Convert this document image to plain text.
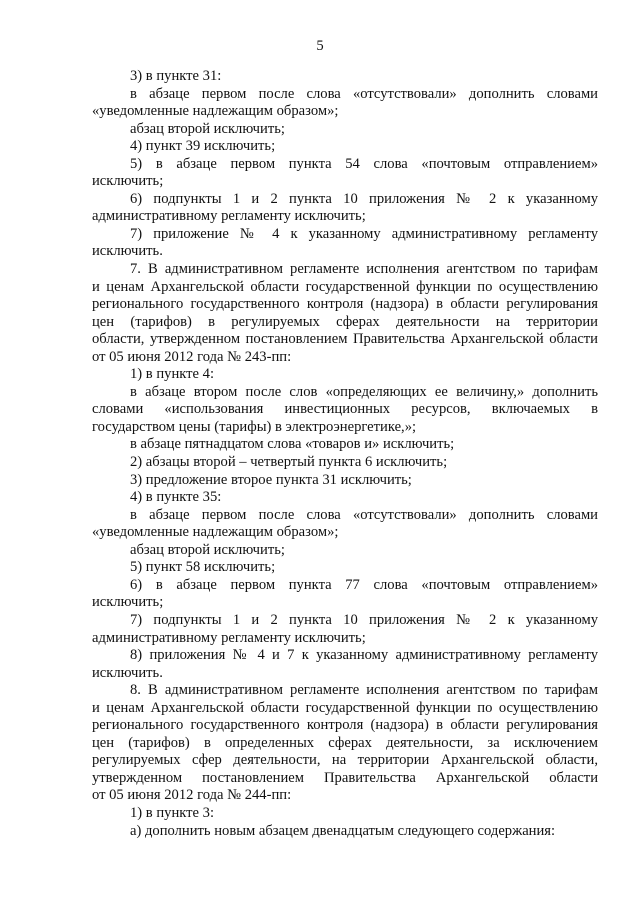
5
3) в пункте 31:
в абзаце первом после слова «отсутствовали» дополнить словами
«уведомленные надлежащим образом»;
абзац второй исключить;
4) пункт 39 исключить;
5) в абзаце первом пункта 54 слова «почтовым отправлением»
исключить;
6) подпункты 1 и 2 пункта 10 приложения № 2 к указанному
административному регламенту исключить;
7) приложение № 4 к указанному административному регламенту
исключить.
7. В административном регламенте исполнения агентством по тарифам
и ценам Архангельской области государственной функции по осуществлению
регионального государственного контроля (надзора) в области регулирования
цен (тарифов) в регулируемых сферах деятельности на территории
области, утвержденном постановлением Правительства Архангельской области
от 05 июня 2012 года № 243-пп:
1) в пункте 4:
в абзаце втором после слов «определяющих ее величину,» дополнить
словами «использования инвестиционных ресурсов, включаемых в
государством цены (тарифы) в электроэнергетике,»;
в абзаце пятнадцатом слова «товаров и» исключить;
2) абзацы второй – четвертый пункта 6 исключить;
3) предложение второе пункта 31 исключить;
4) в пункте 35:
в абзаце первом после слова «отсутствовали» дополнить словами
«уведомленные надлежащим образом»;
абзац второй исключить;
5) пункт 58 исключить;
6) в абзаце первом пункта 77 слова «почтовым отправлением»
исключить;
7) подпункты 1 и 2 пункта 10 приложения № 2 к указанному
административному регламенту исключить;
8) приложения № 4 и 7 к указанному административному регламенту
исключить.
8. В административном регламенте исполнения агентством по тарифам
и ценам Архангельской области государственной функции по осуществлению
регионального государственного контроля (надзора) в области регулирования
цен (тарифов) в определенных сферах деятельности, за исключением
регулируемых сфер деятельности, на территории Архангельской области,
утвержденном постановлением Правительства Архангельской области
от 05 июня 2012 года № 244-пп:
1) в пункте 3:
а) дополнить новым абзацем двенадцатым следующего содержания:
